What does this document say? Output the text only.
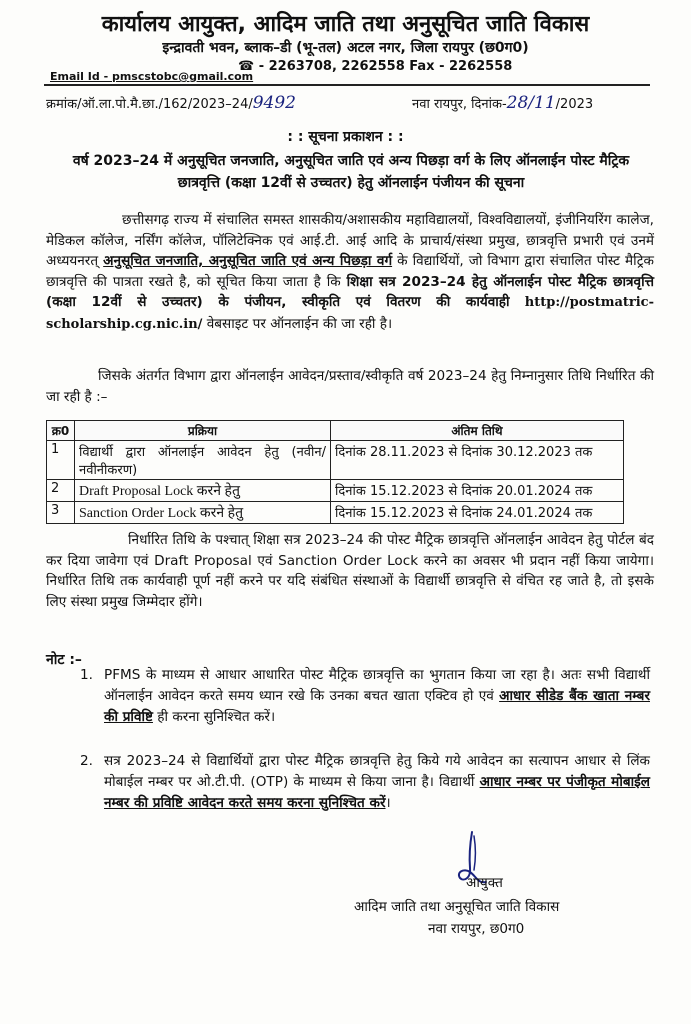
कार्यालय आयुक्त, आदिम जाति तथा अनुसूचित जाति विकास
इन्द्रावती भवन, ब्लाक–डी (भू-तल) अटल नगर, जिला रायपुर (छ0ग0)
☎ - 2263708, 2262558 Fax - 2262558
Email Id - pmscstobc@gmail.com
क्रमांक/ऑ.ला.पो.मै.छा./162/2023–24/9492	नवा रायपुर, दिनांक-28/11/2023
: : सूचना प्रकाशन : :
वर्ष 2023–24 में अनुसूचित जनजाति, अनुसूचित जाति एवं अन्य पिछड़ा वर्ग के लिए ऑनलाईन पोस्ट मैट्रिक छात्रवृत्ति (कक्षा 12वीं से उच्चतर) हेतु ऑनलाईन पंजीयन की सूचना
छत्तीसगढ़ राज्य में संचालित समस्त शासकीय/अशासकीय महाविद्यालयों, विश्वविद्यालयों, इंजीनियरिंग कालेज, मेडिकल कॉलेज, नर्सिंग कॉलेज, पॉलिटेक्निक एवं आई.टी. आई आदि के प्राचार्य/संस्था प्रमुख, छात्रवृत्ति प्रभारी एवं उनमें अध्ययनरत् अनुसूचित जनजाति, अनुसूचित जाति एवं अन्य पिछड़ा वर्ग के विद्यार्थियों, जो विभाग द्वारा संचालित पोस्ट मैट्रिक छात्रवृत्ति की पात्रता रखते है, को सूचित किया जाता है कि शिक्षा सत्र 2023–24 हेतु ऑनलाईन पोस्ट मैट्रिक छात्रवृत्ति (कक्षा 12वीं से उच्चतर) के पंजीयन, स्वीकृति एवं वितरण की कार्यवाही http://postmatric-scholarship.cg.nic.in/ वेबसाइट पर ऑनलाईन की जा रही है।
जिसके अंतर्गत विभाग द्वारा ऑनलाईन आवेदन/प्रस्ताव/स्वीकृति वर्ष 2023–24 हेतु निम्नानुसार तिथि निर्धारित की जा रही है :–
क्र0	प्रक्रिया	अंतिम तिथि
1	विद्यार्थी द्वारा ऑनलाईन आवेदन हेतु (नवीन/ नवीनीकरण)	दिनांक 28.11.2023 से दिनांक 30.12.2023 तक
2	Draft Proposal Lock करने हेतु	दिनांक 15.12.2023 से दिनांक 20.01.2024 तक
3	Sanction Order Lock करने हेतु	दिनांक 15.12.2023 से दिनांक 24.01.2024 तक
निर्धारित तिथि के पश्चात् शिक्षा सत्र 2023–24 की पोस्ट मैट्रिक छात्रवृत्ति ऑनलाईन आवेदन हेतु पोर्टल बंद कर दिया जावेगा एवं Draft Proposal एवं Sanction Order Lock करने का अवसर भी प्रदान नहीं किया जायेगा। निर्धारित तिथि तक कार्यवाही पूर्ण नहीं करने पर यदि संबंधित संस्थाओं के विद्यार्थी छात्रवृत्ति से वंचित रह जाते है, तो इसके लिए संस्था प्रमुख जिम्मेदार होंगे।
नोट :–
1. PFMS के माध्यम से आधार आधारित पोस्ट मैट्रिक छात्रवृत्ति का भुगतान किया जा रहा है। अतः सभी विद्यार्थी ऑनलाईन आवेदन करते समय ध्यान रखे कि उनका बचत खाता एक्टिव हो एवं आधार सीडेड बैंक खाता नम्बर की प्रविष्टि ही करना सुनिश्चित करें।
2. सत्र 2023–24 से विद्यार्थियों द्वारा पोस्ट मैट्रिक छात्रवृत्ति हेतु किये गये आवेदन का सत्यापन आधार से लिंक मोबाईल नम्बर पर ओ.टी.पी. (OTP) के माध्यम से किया जाना है। विद्यार्थी आधार नम्बर पर पंजीकृत मोबाईल नम्बर की प्रविष्टि आवेदन करते समय करना सुनिश्चित करें।
आयुक्त
आदिम जाति तथा अनुसूचित जाति विकास
नवा रायपुर, छ0ग0
